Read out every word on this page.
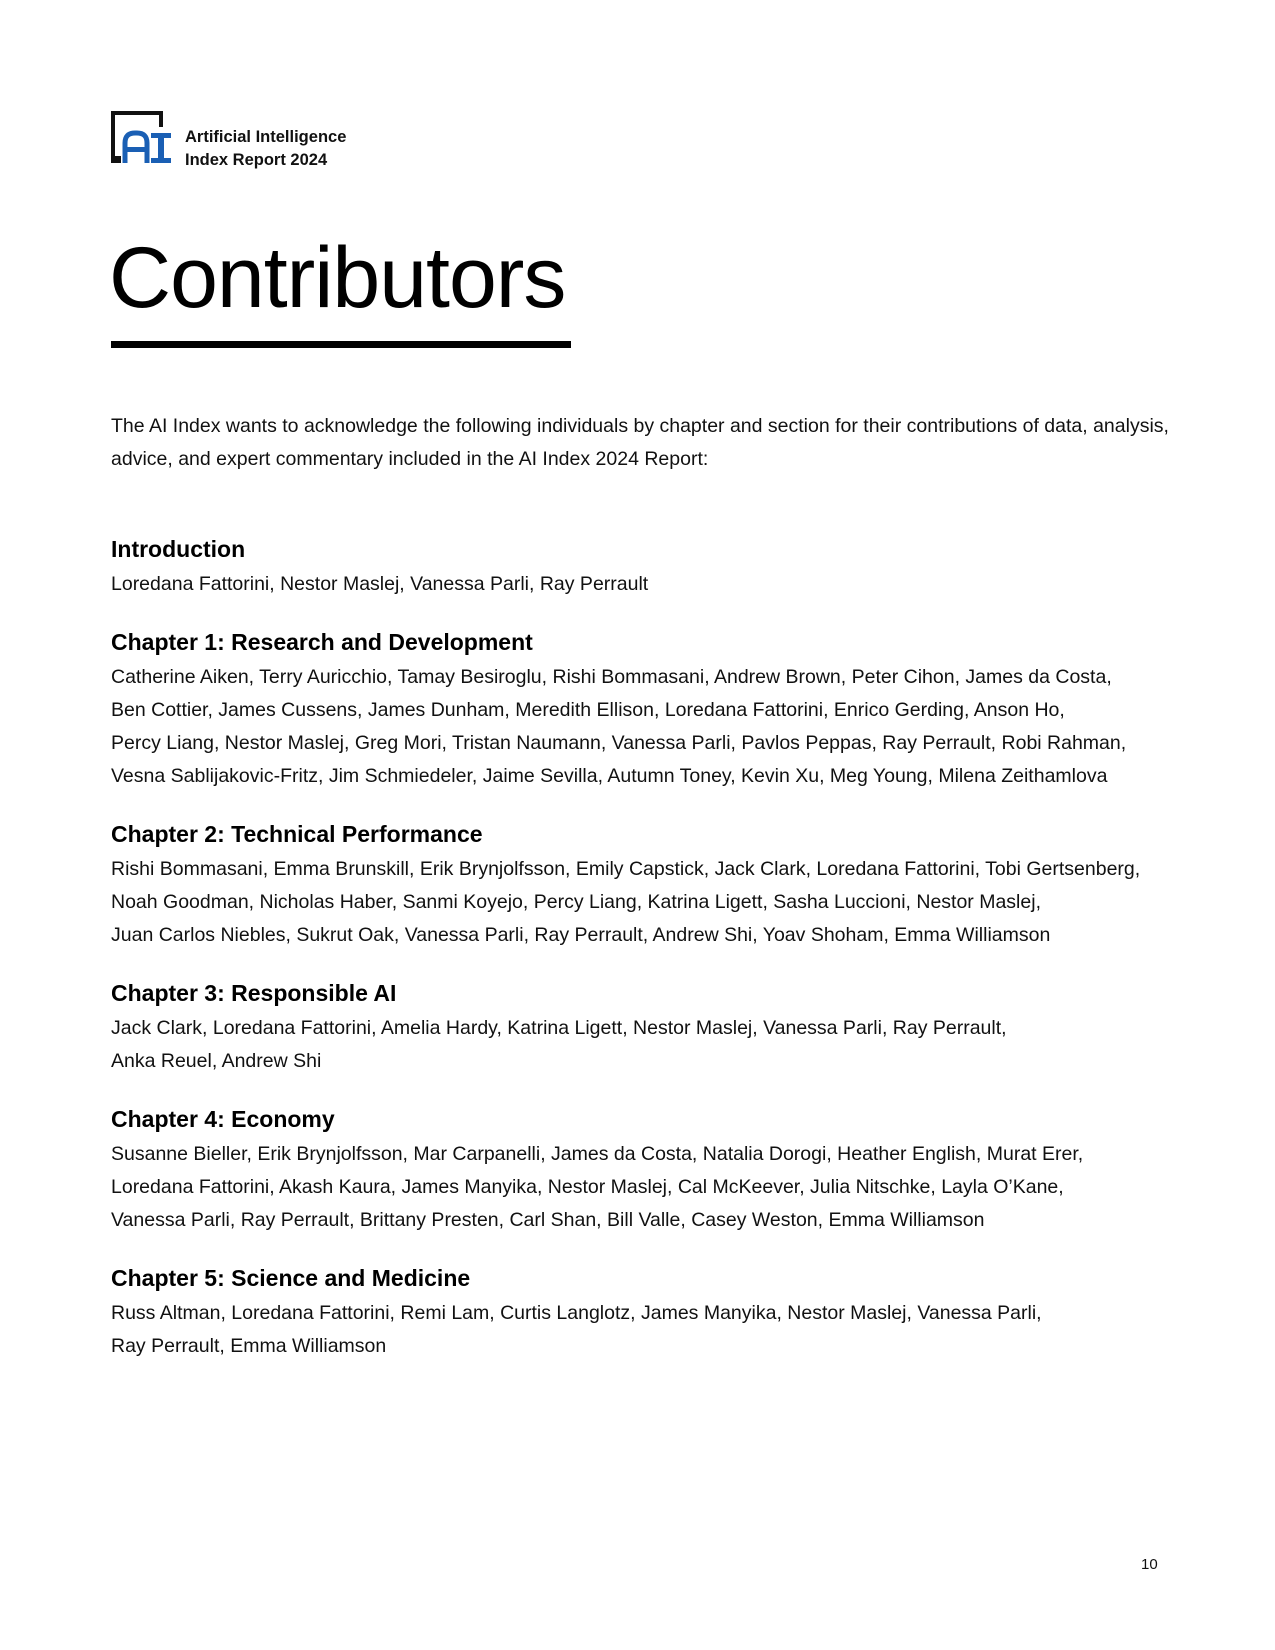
Artificial Intelligence
Index Report 2024
Contributors

The AI Index wants to acknowledge the following individuals by chapter and section for their contributions of data, analysis, advice, and expert commentary included in the AI Index 2024 Report:

Introduction

Loredana Fattorini, Nestor Maslej, Vanessa Parli, Ray Perrault

Chapter 1: Research and Development

Catherine Aiken, Terry Auricchio, Tamay Besiroglu, Rishi Bommasani, Andrew Brown, Peter Cihon, James da Costa,
Ben Cottier, James Cussens, James Dunham, Meredith Ellison, Loredana Fattorini, Enrico Gerding, Anson Ho,
Percy Liang, Nestor Maslej, Greg Mori, Tristan Naumann, Vanessa Parli, Pavlos Peppas, Ray Perrault, Robi Rahman,
Vesna Sablijakovic-Fritz, Jim Schmiedeler, Jaime Sevilla, Autumn Toney, Kevin Xu, Meg Young, Milena Zeithamlova

Chapter 2: Technical Performance

Rishi Bommasani, Emma Brunskill, Erik Brynjolfsson, Emily Capstick, Jack Clark, Loredana Fattorini, Tobi Gertsenberg,
Noah Goodman, Nicholas Haber, Sanmi Koyejo, Percy Liang, Katrina Ligett, Sasha Luccioni, Nestor Maslej,
Juan Carlos Niebles, Sukrut Oak, Vanessa Parli, Ray Perrault, Andrew Shi, Yoav Shoham, Emma Williamson

Chapter 3: Responsible AI

Jack Clark, Loredana Fattorini, Amelia Hardy, Katrina Ligett, Nestor Maslej, Vanessa Parli, Ray Perrault,
Anka Reuel, Andrew Shi

Chapter 4: Economy

Susanne Bieller, Erik Brynjolfsson, Mar Carpanelli, James da Costa, Natalia Dorogi, Heather English, Murat Erer,
Loredana Fattorini, Akash Kaura, James Manyika, Nestor Maslej, Cal McKeever, Julia Nitschke, Layla O’Kane,
Vanessa Parli, Ray Perrault, Brittany Presten, Carl Shan, Bill Valle, Casey Weston, Emma Williamson

Chapter 5: Science and Medicine

Russ Altman, Loredana Fattorini, Remi Lam, Curtis Langlotz, James Manyika, Nestor Maslej, Vanessa Parli,
Ray Perrault, Emma Williamson

10
